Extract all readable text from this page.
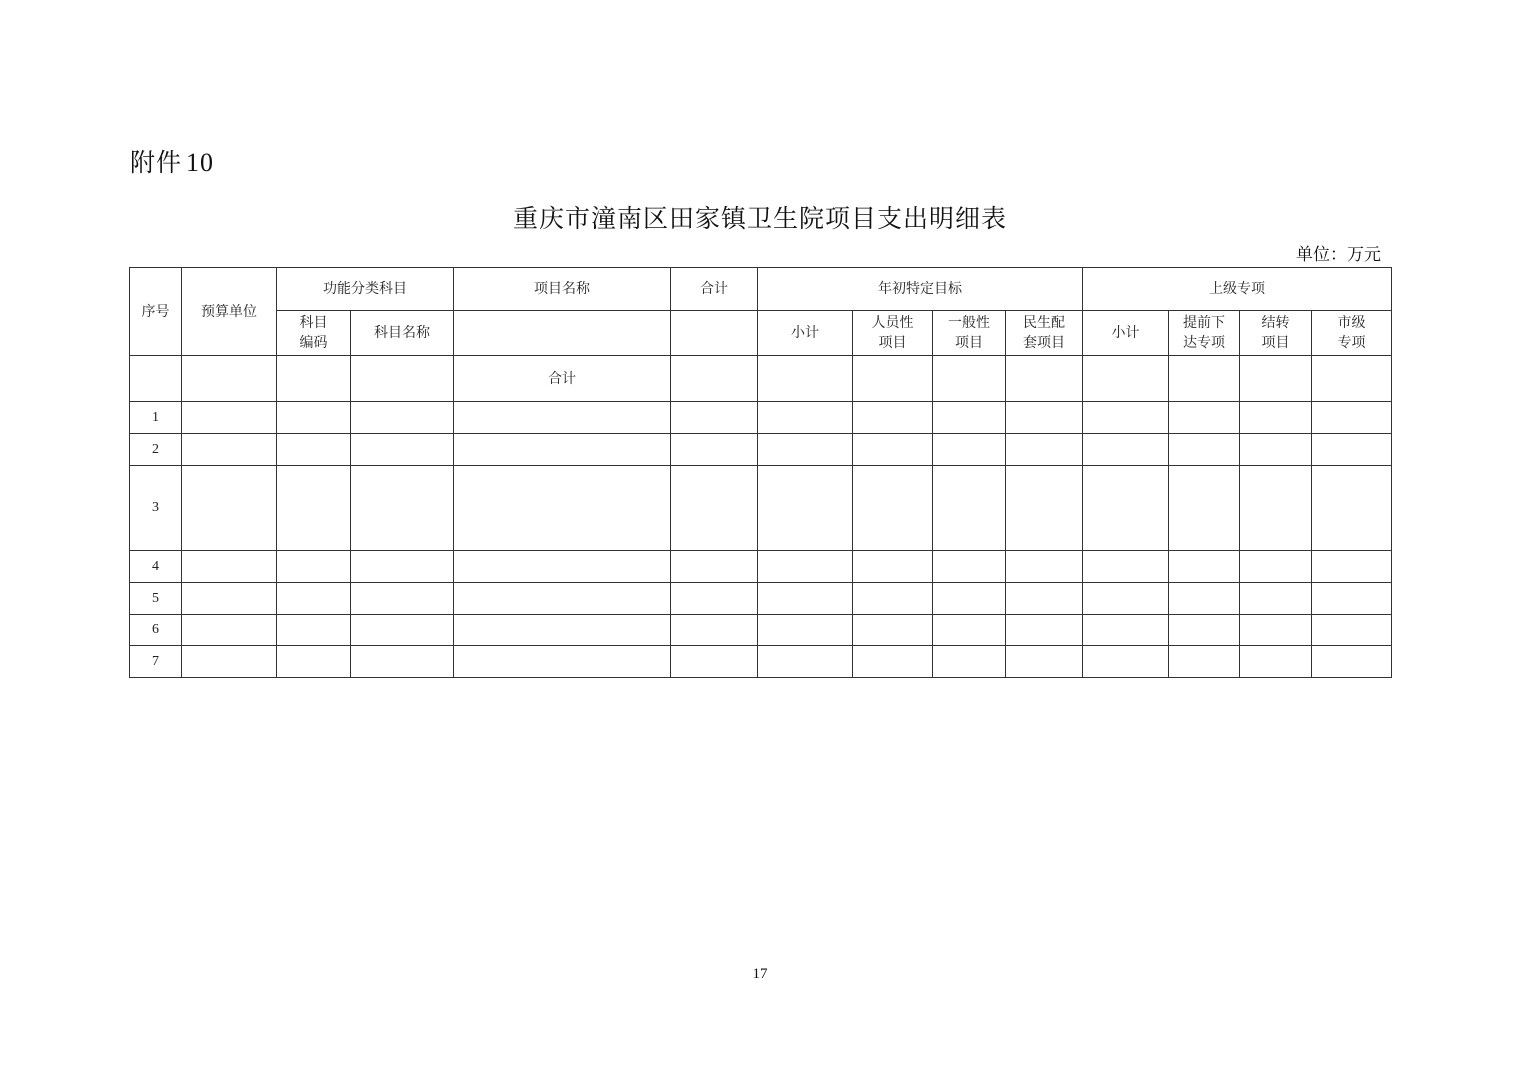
附件 10
重庆市潼南区田家镇卫生院项目支出明细表
单位：万元
序号	预算单位	功能分类科目		项目名称	合计	年初特定目标				上级专项			

		科目编码	科目名称			小计	人员性项目	一般性项目	民生配套项目	小计	提前下达专项	结转项目	市级专项

				合计									
1													
2													
3													
4													
5													
6													
7													
17
